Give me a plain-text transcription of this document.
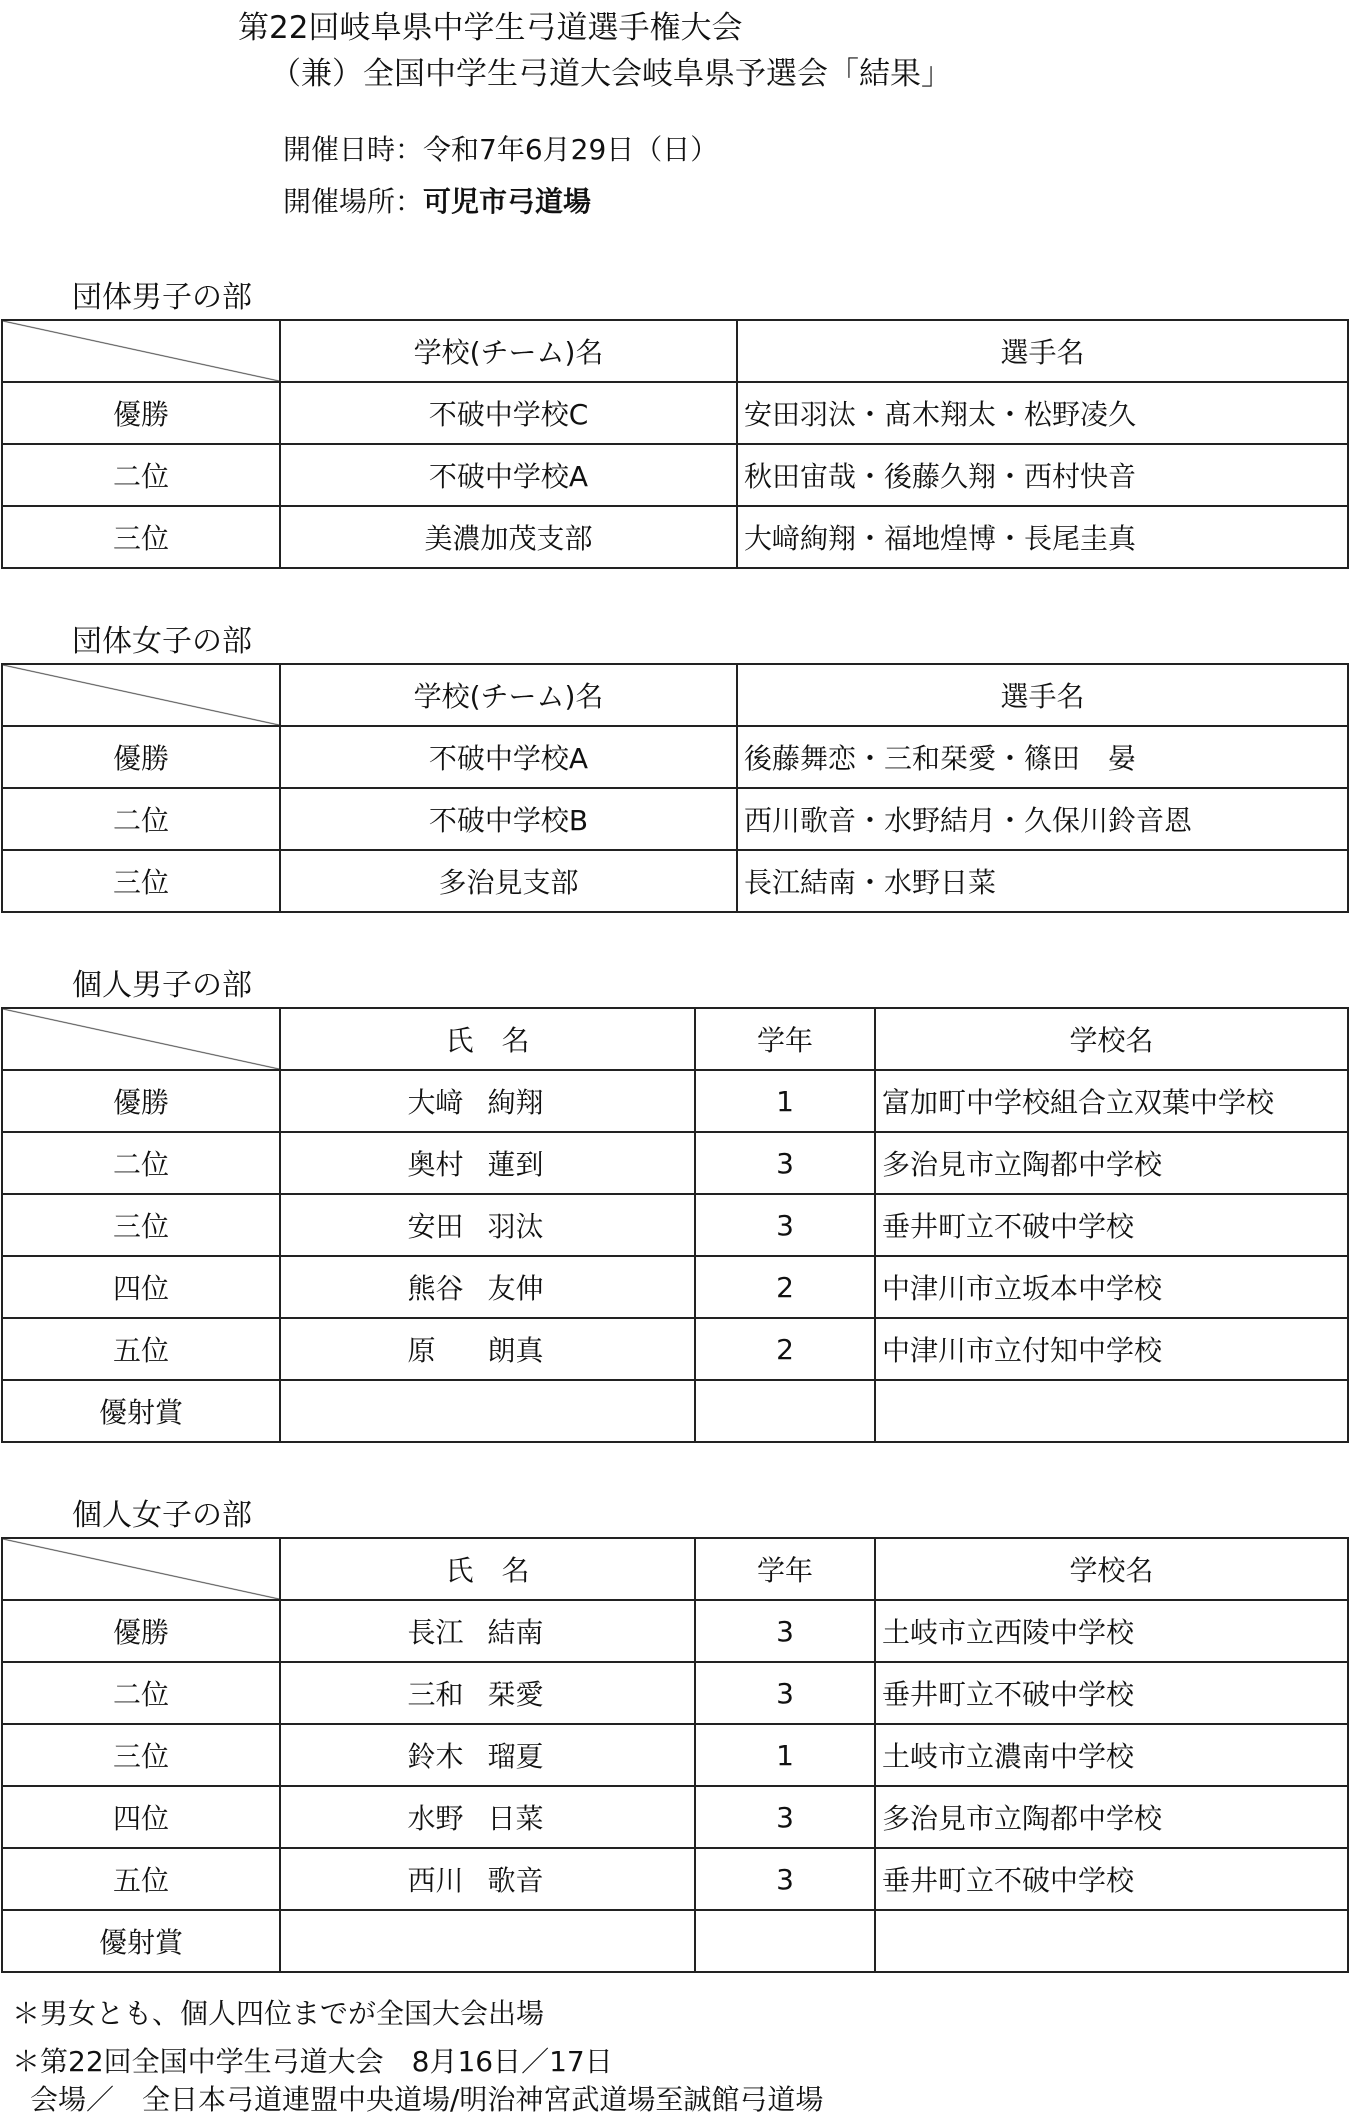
第22回岐阜県中学生弓道選手権大会
（兼）全国中学生弓道大会岐阜県予選会「結果」
開催日時：令和7年6月29日（日）
開催場所：可児市弓道場
団体男子の部
	学校(チーム)名	選手名
優勝	不破中学校C	安田羽汰・髙木翔太・松野凌久
二位	不破中学校A	秋田宙哉・後藤久翔・西村快音
三位	美濃加茂支部	大﨑絢翔・福地煌博・長尾圭真
団体女子の部
	学校(チーム)名	選手名
優勝	不破中学校A	後藤舞恋・三和栞愛・篠田　晏
二位	不破中学校B	西川歌音・水野結月・久保川鈴音恩
三位	多治見支部	長江結南・水野日菜
個人男子の部
	氏　名	学年	学校名
優勝	大﨑 絢翔	1	富加町中学校組合立双葉中学校
二位	奥村 蓮到	3	多治見市立陶都中学校
三位	安田 羽汰	3	垂井町立不破中学校
四位	熊谷 友伸	2	中津川市立坂本中学校
五位	原 朗真	2	中津川市立付知中学校
優射賞			
個人女子の部
	氏　名	学年	学校名
優勝	長江 結南	3	土岐市立西陵中学校
二位	三和 栞愛	3	垂井町立不破中学校
三位	鈴木 瑠夏	1	土岐市立濃南中学校
四位	水野 日菜	3	多治見市立陶都中学校
五位	西川 歌音	3	垂井町立不破中学校
優射賞			
＊男女とも、個人四位までが全国大会出場
＊第22回全国中学生弓道大会　8月16日／17日
会場／　全日本弓道連盟中央道場/明治神宮武道場至誠館弓道場
